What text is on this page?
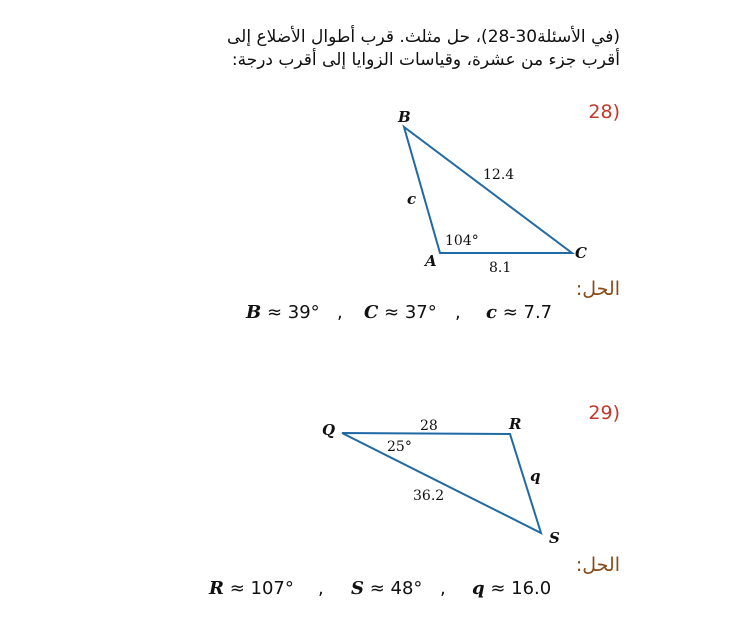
(في الأسئلة30-28)، حل مثلث. قرب أطوال الأضلاع إلى
أقرب جزء من عشرة، وقياسات الزوايا إلى أقرب درجة:
28)
B
A	C
12.4
8.1
c
104°
Q	R
S
28
36.2
q
25°
الحل:
B ≈ 39° , C ≈ 37° , c ≈ 7.7
29)
الحل:
R ≈ 107° , S ≈ 48° , q ≈ 16.0
